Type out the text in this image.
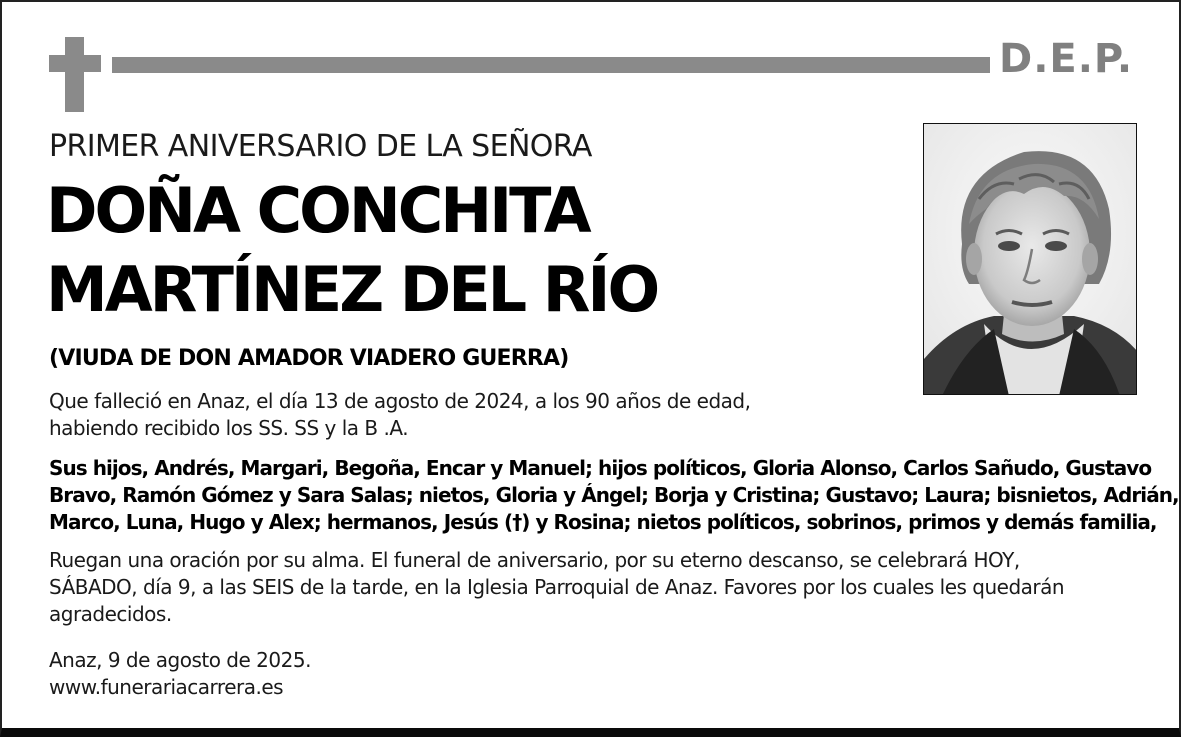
D.E.P.
PRIMER ANIVERSARIO DE LA SEÑORA
DOÑA CONCHITA
MARTÍNEZ DEL RÍO
(VIUDA DE DON AMADOR VIADERO GUERRA)
Que falleció en Anaz, el día 13 de agosto de 2024, a los 90 años de edad,
habiendo recibido los SS. SS y la B .A.
Sus hijos, Andrés, Margari, Begoña, Encar y Manuel; hijos políticos, Gloria Alonso, Carlos Sañudo, Gustavo
Bravo, Ramón Gómez y Sara Salas; nietos, Gloria y Ángel; Borja y Cristina; Gustavo; Laura; bisnietos, Adrián,
Marco, Luna, Hugo y Alex; hermanos, Jesús (†) y Rosina; nietos políticos, sobrinos, primos y demás familia,
Ruegan una oración por su alma. El funeral de aniversario, por su eterno descanso, se celebrará HOY,
SÁBADO, día 9, a las SEIS de la tarde, en la Iglesia Parroquial de Anaz. Favores por los cuales les quedarán
agradecidos.
Anaz, 9 de agosto de 2025.
www.funerariacarrera.es
